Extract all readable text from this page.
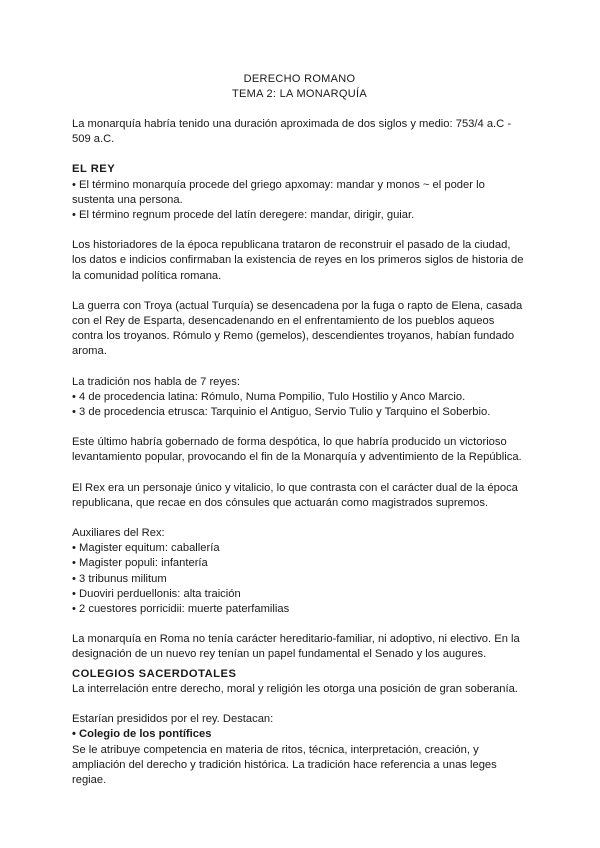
DERECHO ROMANO

TEMA 2: LA MONARQUÍA

La monarquía habría tenido una duración aproximada de dos siglos y medio: 753/4 a.C - 509 a.C.

EL REY

• El término monarquía procede del griego apxomay: mandar y monos ~ el poder lo sustenta una persona.

• El término regnum procede del latín deregere: mandar, dirigir, guiar.

Los historiadores de la época republicana trataron de reconstruir el pasado de la ciudad, los datos e indicios confirmaban la existencia de reyes en los primeros siglos de historia de la comunidad política romana.

La guerra con Troya (actual Turquía) se desencadena por la fuga o rapto de Elena, casada con el Rey de Esparta, desencadenando en el enfrentamiento de los pueblos aqueos contra los troyanos. Rómulo y Remo (gemelos), descendientes troyanos, habían fundado aroma.

La tradición nos habla de 7 reyes:

• 4 de procedencia latina: Rómulo, Numa Pompilio, Tulo Hostilio y Anco Marcio.

• 3 de procedencia etrusca: Tarquinio el Antiguo, Servio Tulio y Tarquino el Soberbio.

Este último habría gobernado de forma despótica, lo que habría producido un victorioso levantamiento popular, provocando el fin de la Monarquía y adventimiento de la República.

El Rex era un personaje único y vitalicio, lo que contrasta con el carácter dual de la época republicana, que recae en dos cónsules que actuarán como magistrados supremos.

Auxiliares del Rex:

• Magister equitum: caballería

• Magister populi: infantería

• 3 tribunus militum

• Duoviri perduellonis: alta traición

• 2 cuestores porricidii: muerte paterfamilias

La monarquía en Roma no tenía carácter hereditario-familiar, ni adoptivo, ni electivo. En la designación de un nuevo rey tenían un papel fundamental el Senado y los augures.

COLEGIOS SACERDOTALES

La interrelación entre derecho, moral y religión les otorga una posición de gran soberanía.

Estarían presididos por el rey. Destacan:

• Colegio de los pontífices

Se le atribuye competencia en materia de ritos, técnica, interpretación, creación, y ampliación del derecho y tradición histórica. La tradición hace referencia a unas leges regiae.
